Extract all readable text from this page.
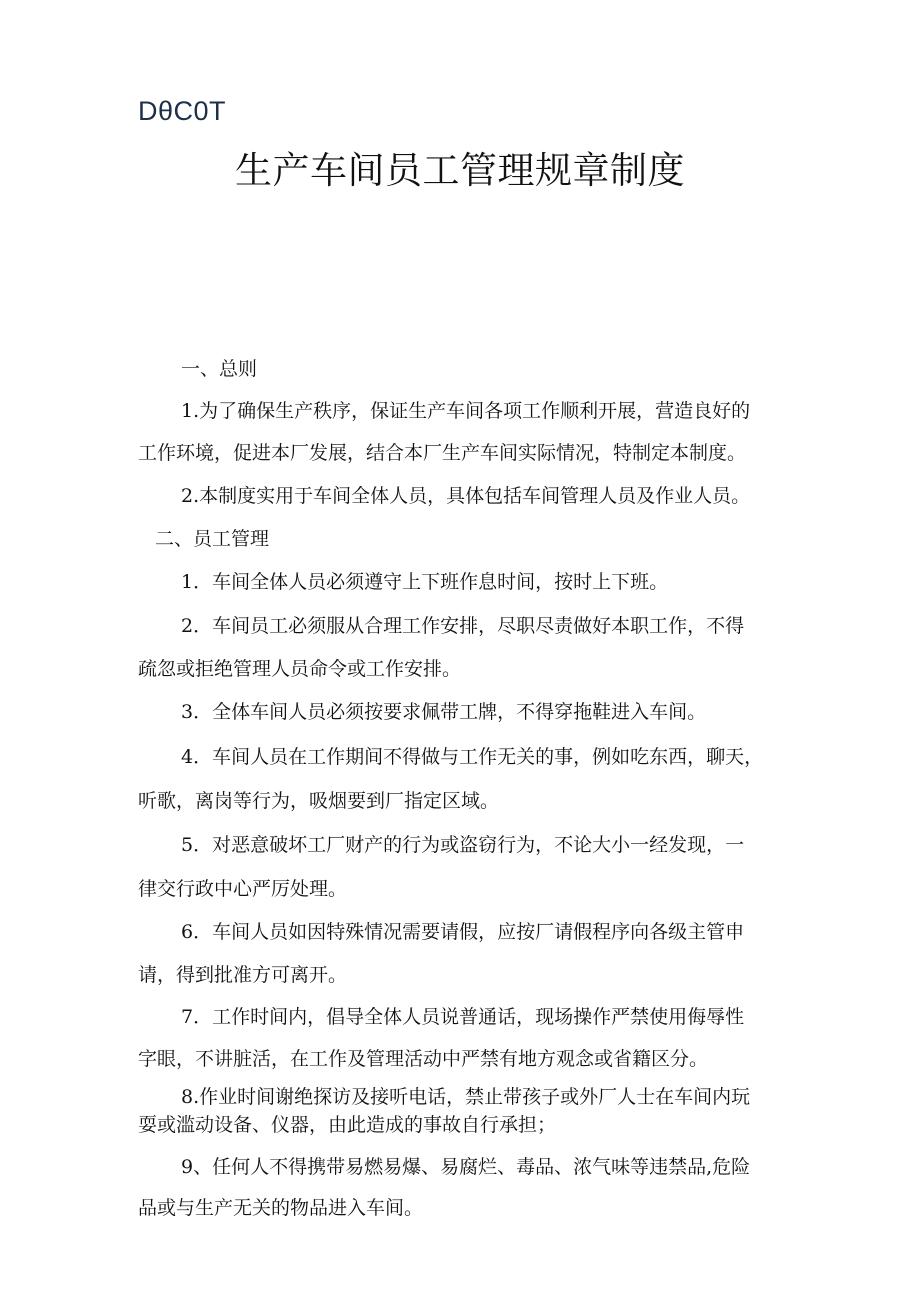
DθC0T
生产车间员工管理规章制度
一、总则
1.为了确保生产秩序，保证生产车间各项工作顺利开展，营造良好的
工作环境，促进本厂发展，结合本厂生产车间实际情况，特制定本制度。
2.本制度实用于车间全体人员，具体包括车间管理人员及作业人员。
二、员工管理
1．车间全体人员必须遵守上下班作息时间，按时上下班。
2．车间员工必须服从合理工作安排，尽职尽责做好本职工作，不得
疏忽或拒绝管理人员命令或工作安排。
3．全体车间人员必须按要求佩带工牌，不得穿拖鞋进入车间。
4．车间人员在工作期间不得做与工作无关的事，例如吃东西，聊天，
听歌，离岗等行为，吸烟要到厂指定区域。
5．对恶意破坏工厂财产的行为或盗窃行为，不论大小一经发现，一
律交行政中心严厉处理。
6．车间人员如因特殊情况需要请假，应按厂请假程序向各级主管申
请，得到批准方可离开。
7．工作时间内，倡导全体人员说普通话，现场操作严禁使用侮辱性
字眼，不讲脏活，在工作及管理活动中严禁有地方观念或省籍区分。
8.作业时间谢绝探访及接听电话，禁止带孩子或外厂人士在车间内玩
耍或滥动设备、仪器，由此造成的事故自行承担；
9、任何人不得携带易燃易爆、易腐烂、毒品、浓气味等违禁品,危险
品或与生产无关的物品进入车间。
